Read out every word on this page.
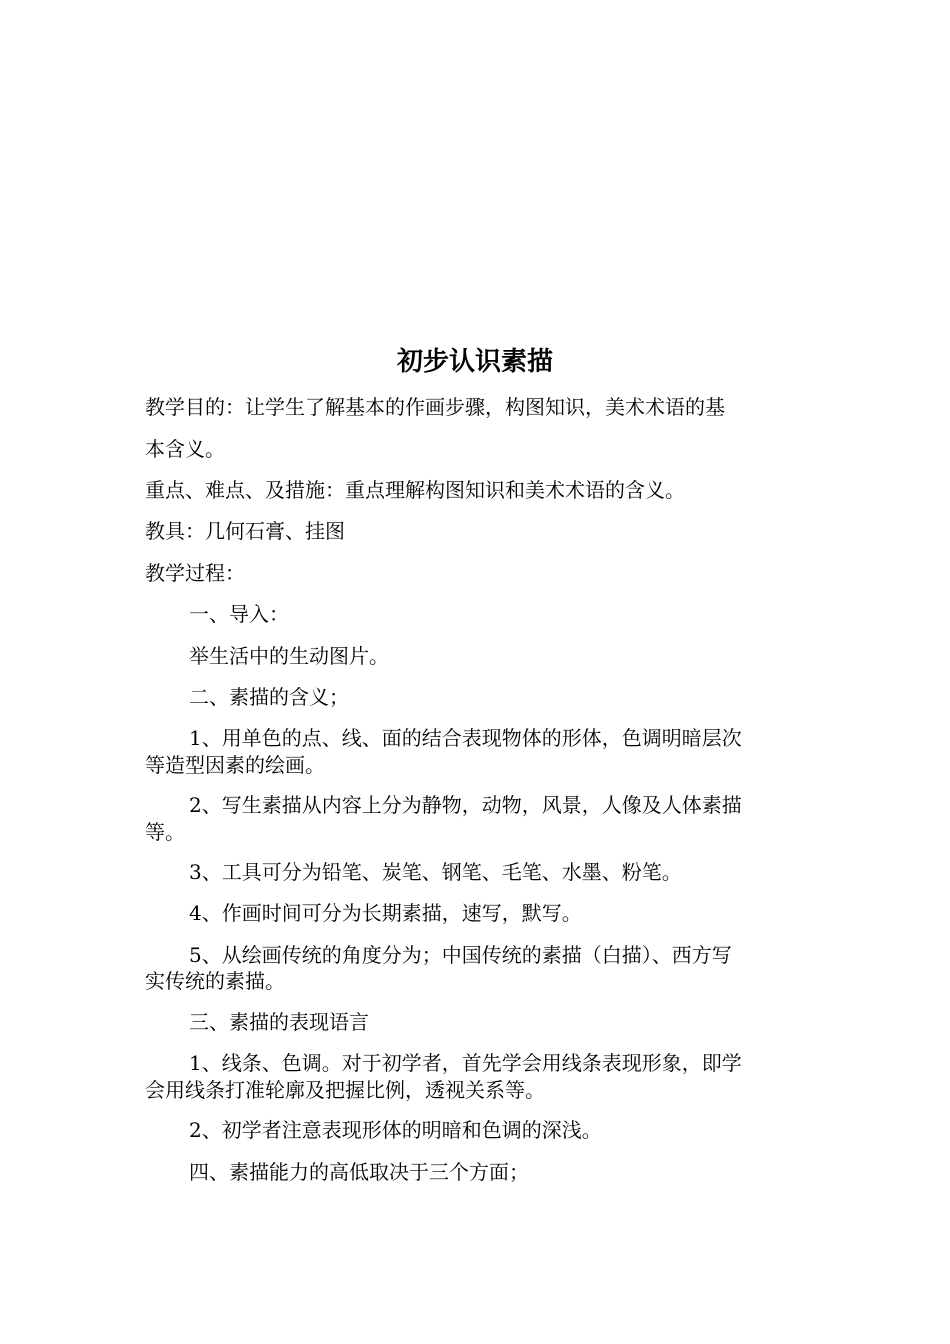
初步认识素描
教学目的：让学生了解基本的作画步骤，构图知识，美术术语的基
本含义。
重点、难点、及措施：重点理解构图知识和美术术语的含义。
教具：几何石膏、挂图
教学过程：
一、导入：
举生活中的生动图片。
二、素描的含义；
1、用单色的点、线、面的结合表现物体的形体，色调明暗层次
等造型因素的绘画。
2、写生素描从内容上分为静物，动物，风景，人像及人体素描
等。
3、工具可分为铅笔、炭笔、钢笔、毛笔、水墨、粉笔。
4、作画时间可分为长期素描，速写，默写。
5、从绘画传统的角度分为；中国传统的素描（白描）、西方写
实传统的素描。
三、素描的表现语言
1、线条、色调。对于初学者，首先学会用线条表现形象，即学
会用线条打准轮廓及把握比例，透视关系等。
2、初学者注意表现形体的明暗和色调的深浅。
四、素描能力的高低取决于三个方面；
